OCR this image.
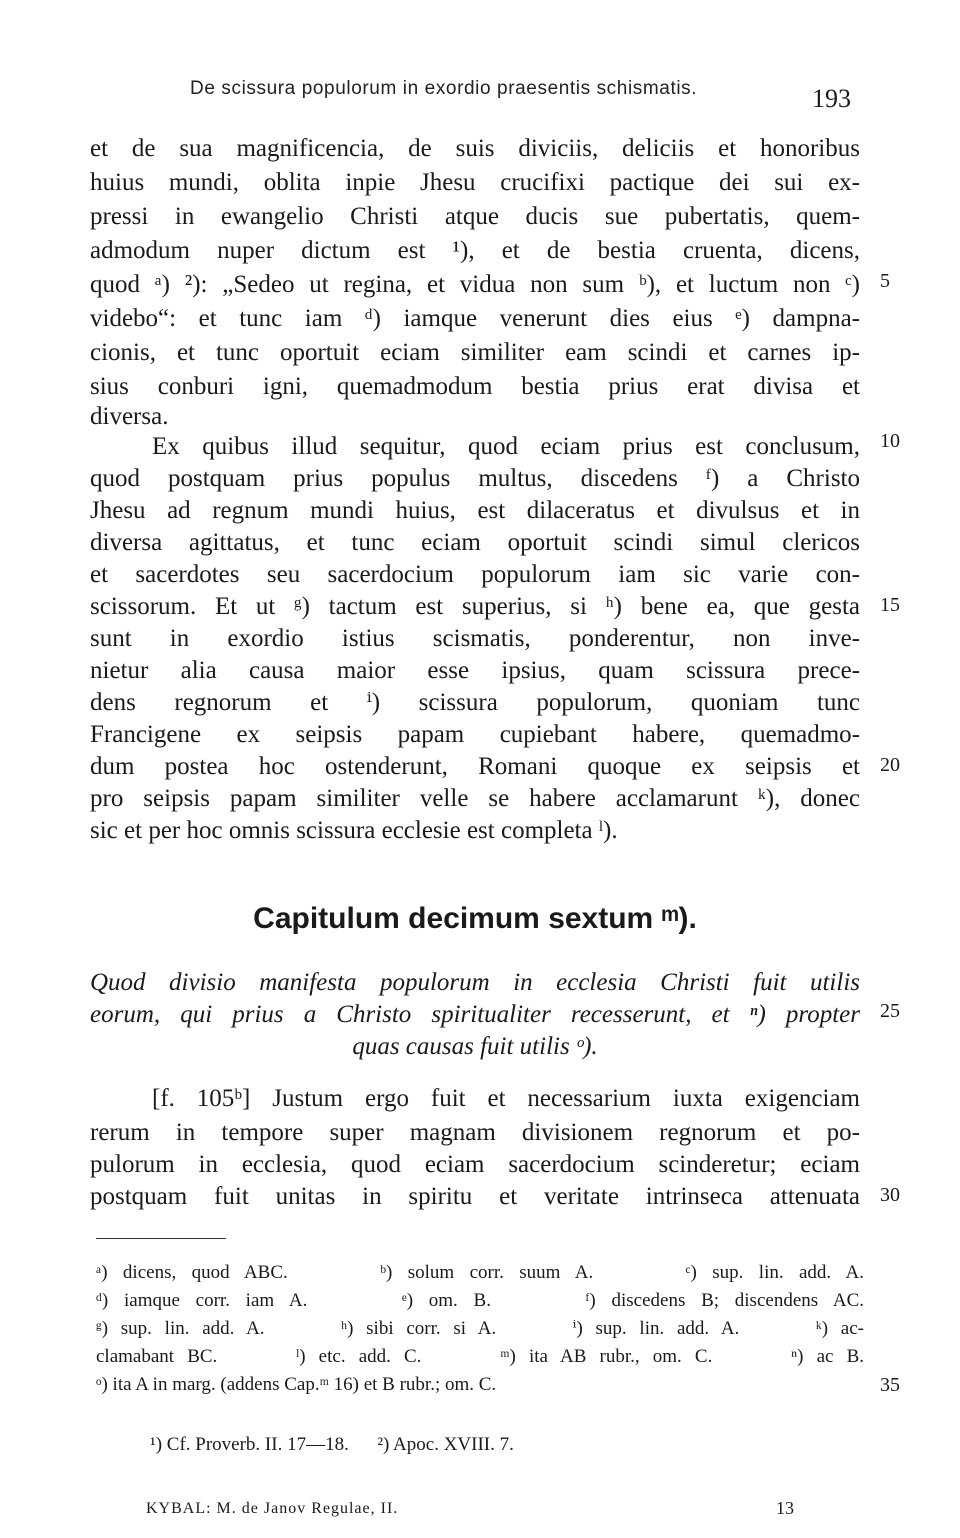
De scissura populorum in exordio praesentis schismatis.	193
et de sua magnificencia, de suis diviciis, deliciis et honoribus
huius mundi, oblita inpie Jhesu crucifixi pactique dei sui ex-
pressi in ewangelio Christi atque ducis sue pubertatis, quem-
admodum nuper dictum est ¹), et de bestia cruenta, dicens,
quod ᵃ) ²): „Sedeo ut regina, et vidua non sum ᵇ), et luctum non ᶜ)
videbo“: et tunc iam ᵈ) iamque venerunt dies eius ᵉ) dampna-
cionis, et tunc oportuit eciam similiter eam scindi et carnes ip-
sius conburi igni, quemadmodum bestia prius erat divisa et
diversa.
Ex quibus illud sequitur, quod eciam prius est conclusum,
quod postquam prius populus multus, discedens ᶠ) a Christo
Jhesu ad regnum mundi huius, est dilaceratus et divulsus et in
diversa agittatus, et tunc eciam oportuit scindi simul clericos
et sacerdotes seu sacerdocium populorum iam sic varie con-
scissorum. Et ut ᵍ) tactum est superius, si ʰ) bene ea, que gesta
sunt in exordio istius scismatis, ponderentur, non inve-
nietur alia causa maior esse ipsius, quam scissura prece-
dens regnorum et ⁱ) scissura populorum, quoniam tunc
Francigene ex seipsis papam cupiebant habere, quemadmo-
dum postea hoc ostenderunt, Romani quoque ex seipsis et
pro seipsis papam similiter velle se habere acclamarunt ᵏ), donec
sic et per hoc omnis scissura ecclesie est completa ˡ).
5
10
15
20
25
30
Capitulum decimum sextum ᵐ).
Quod divisio manifesta populorum in ecclesia Christi fuit utilis
eorum, qui prius a Christo spiritualiter recesserunt, et ⁿ) propter
quas causas fuit utilis ᵒ).
[f. 105ᵇ] Justum ergo fuit et necessarium iuxta exigenciam
rerum in tempore super magnam divisionem regnorum et po-
pulorum in ecclesia, quod eciam sacerdocium scinderetur; eciam
postquam fuit unitas in spiritu et veritate intrinseca attenuata
ᵃ) dicens, quod ABC.      ᵇ) solum corr. suum A.      ᶜ) sup. lin. add. A.
ᵈ) iamque corr. iam A.      ᵉ) om. B.      ᶠ) discedens B; discendens AC.
ᵍ) sup. lin. add. A.      ʰ) sibi corr. si A.      ⁱ) sup. lin. add. A.      ᵏ) ac-
clamabant BC.      ˡ) etc. add. C.      ᵐ) ita AB rubr., om. C.      ⁿ) ac B.
ᵒ) ita A in marg. (addens Cap.ᵐ 16) et B rubr.; om. C.	35
¹) Cf. Proverb. II. 17—18.      ²) Apoc. XVIII. 7.
KYBAL: M. de Janov Regulae, II.	13
